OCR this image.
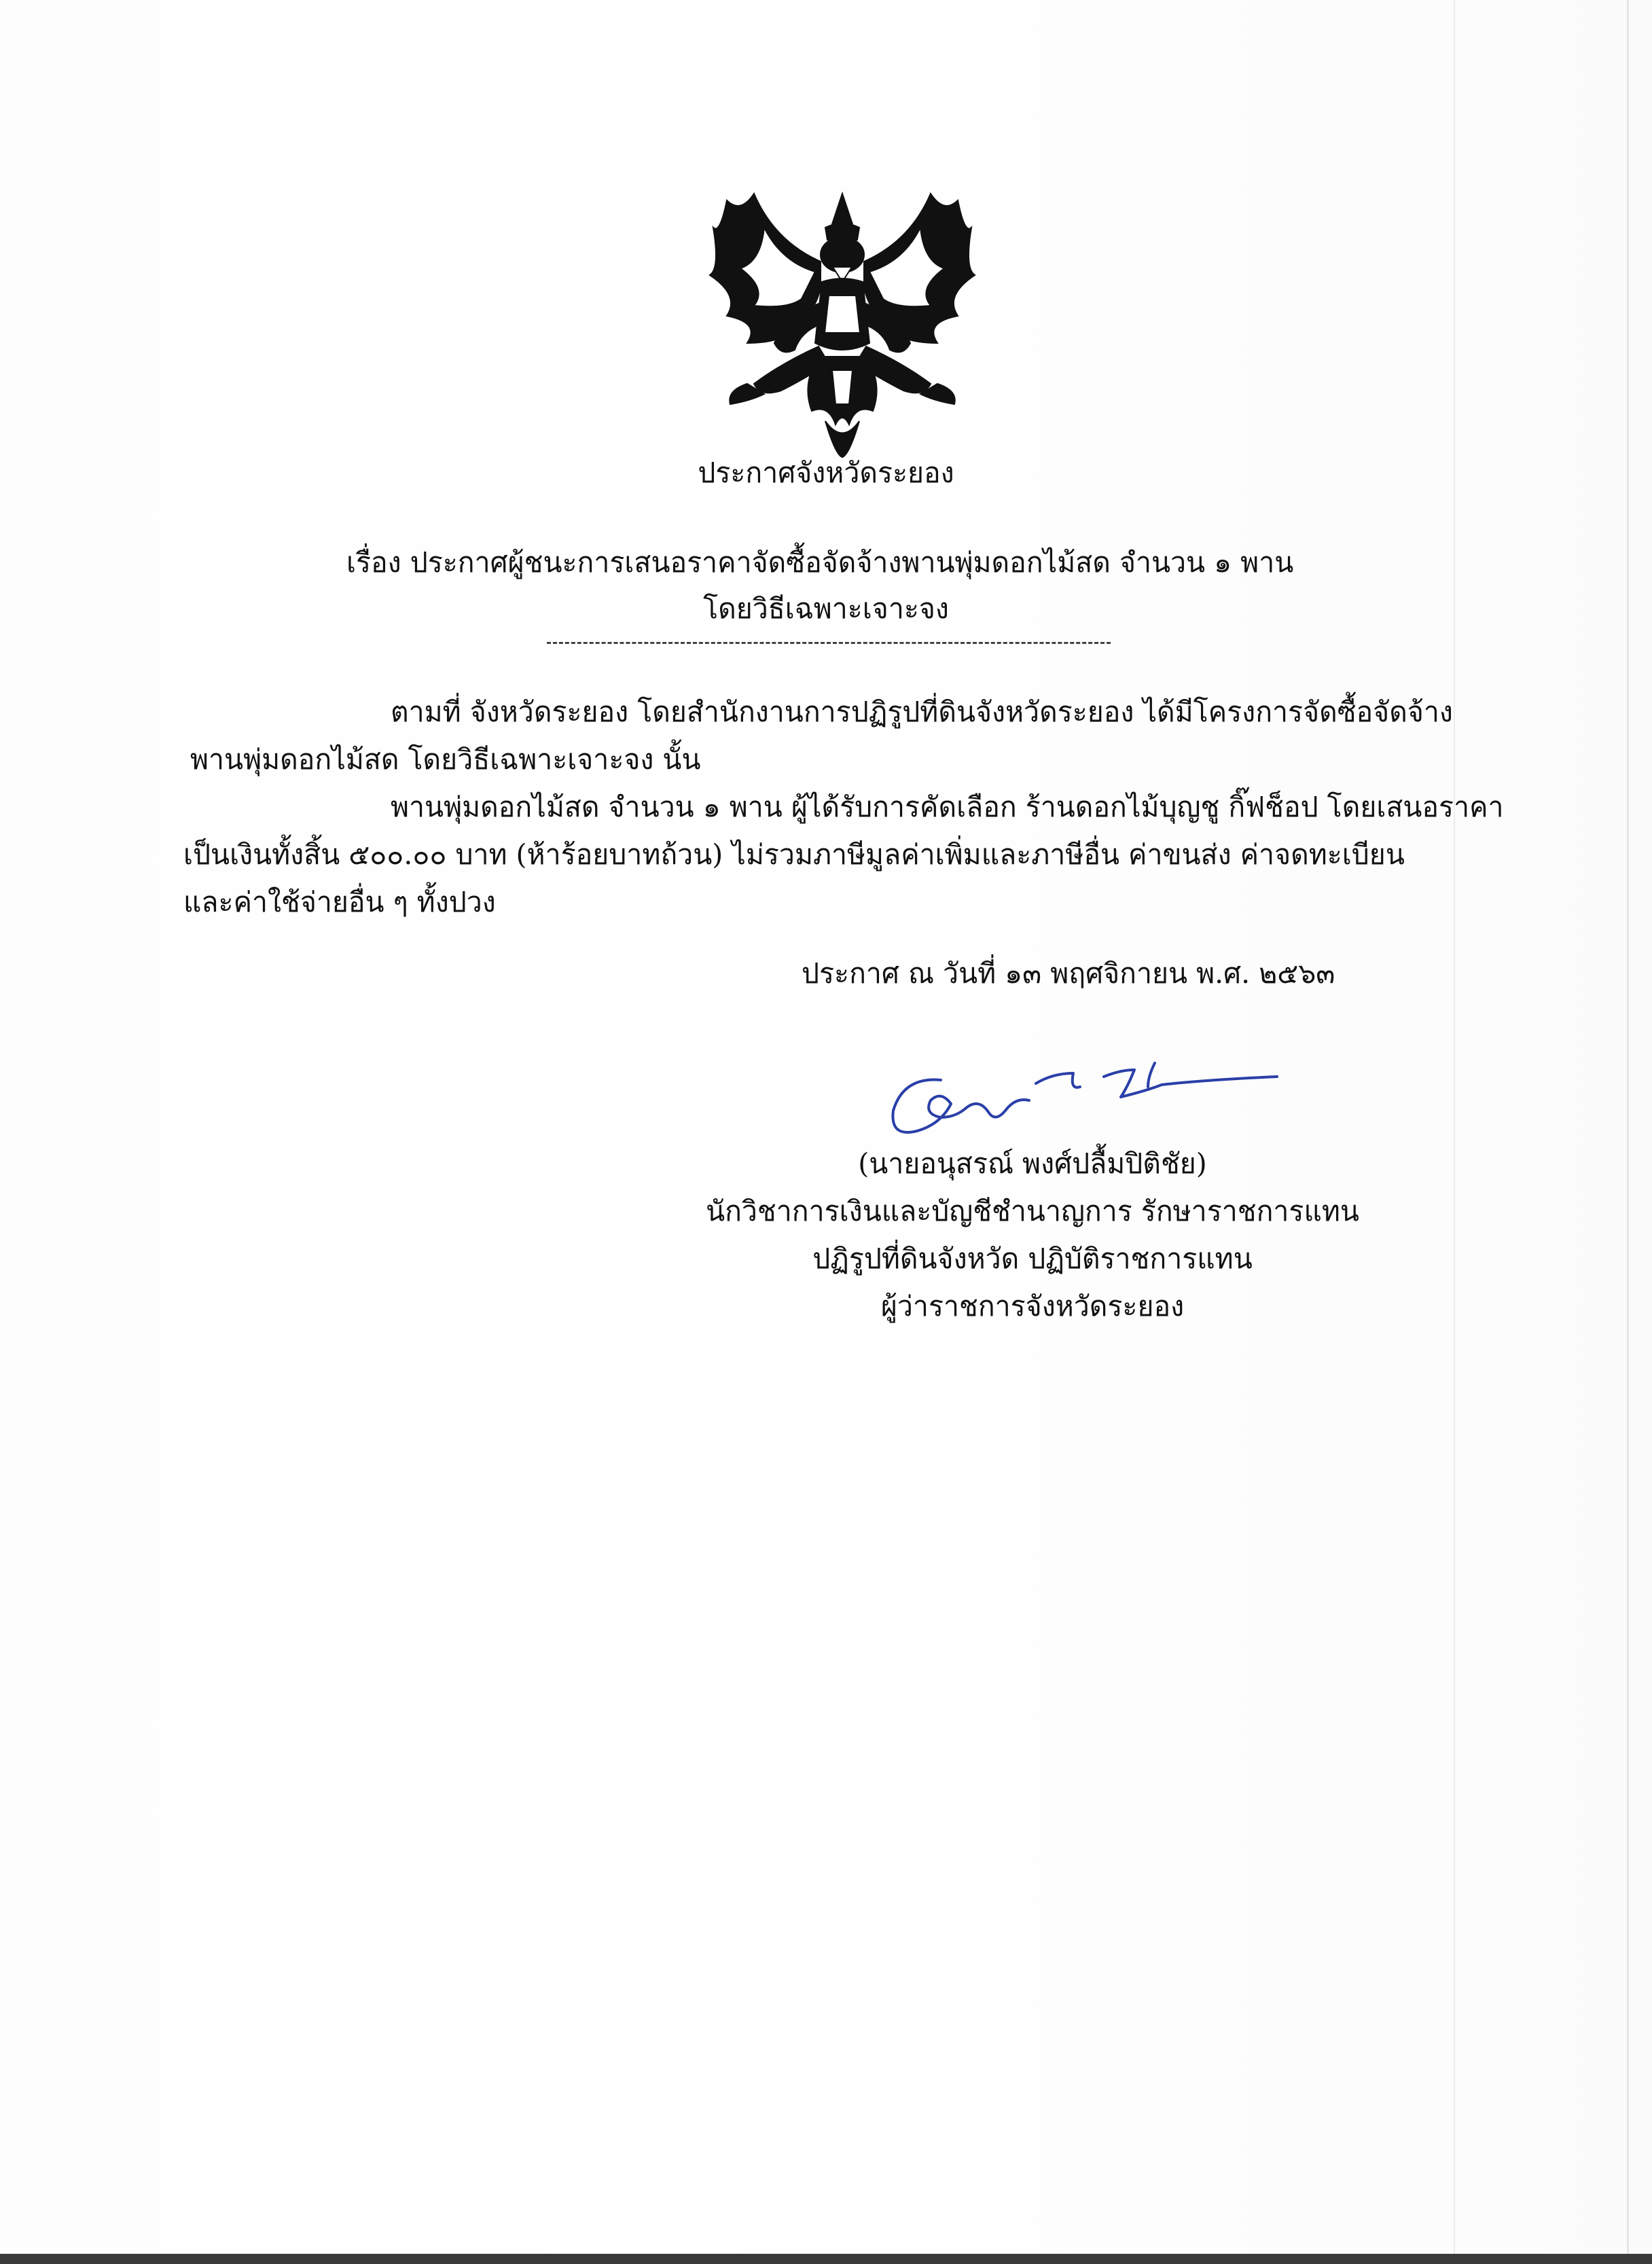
ประกาศจังหวัดระยอง
เรื่อง ประกาศผู้ชนะการเสนอราคาจัดซื้อจัดจ้างพานพุ่มดอกไม้สด จำนวน ๑ พาน
โดยวิธีเฉพาะเจาะจง
ตามที่ จังหวัดระยอง โดยสำนักงานการปฏิรูปที่ดินจังหวัดระยอง ได้มีโครงการจัดซื้อจัดจ้าง
พานพุ่มดอกไม้สด โดยวิธีเฉพาะเจาะจง นั้น
พานพุ่มดอกไม้สด จำนวน ๑ พาน ผู้ได้รับการคัดเลือก ร้านดอกไม้บุญชู กิ๊ฟช็อป โดยเสนอราคา
เป็นเงินทั้งสิ้น ๕๐๐.๐๐ บาท (ห้าร้อยบาทถ้วน) ไม่รวมภาษีมูลค่าเพิ่มและภาษีอื่น ค่าขนส่ง ค่าจดทะเบียน
และค่าใช้จ่ายอื่น ๆ ทั้งปวง
ประกาศ ณ วันที่ ๑๓ พฤศจิกายน พ.ศ. ๒๕๖๓
(นายอนุสรณ์ พงศ์ปลื้มปิติชัย)
นักวิชาการเงินและบัญชีชำนาญการ รักษาราชการแทน
ปฏิรูปที่ดินจังหวัด ปฏิบัติราชการแทน
ผู้ว่าราชการจังหวัดระยอง
